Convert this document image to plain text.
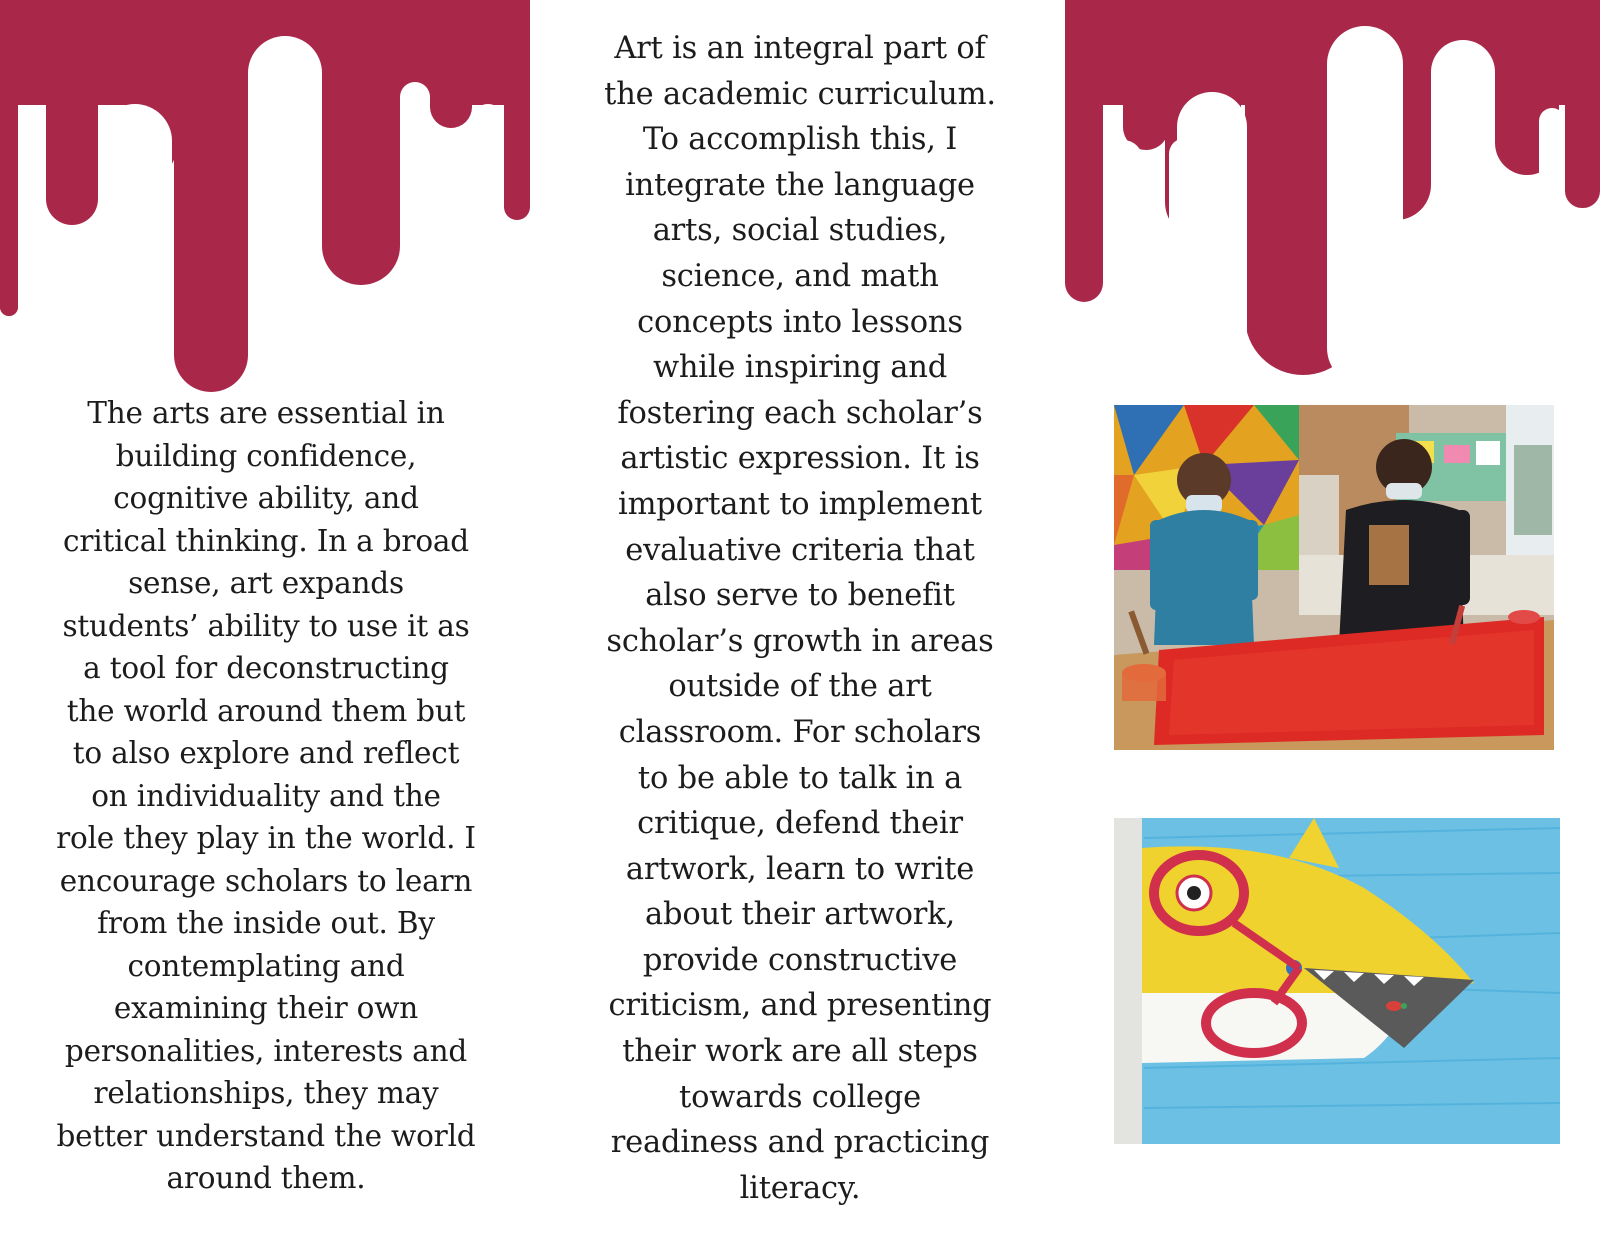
The arts are essential in
building confidence,
cognitive ability, and
critical thinking. In a broad
sense, art expands
students’ ability to use it as
a tool for deconstructing
the world around them but
to also explore and reflect
on individuality and the
role they play in the world. I
encourage scholars to learn
from the inside out. By
contemplating and
examining their own
personalities, interests and
relationships, they may
better understand the world
around them.
Art is an integral part of
the academic curriculum.
To accomplish this, I
integrate the language
arts, social studies,
science, and math
concepts into lessons
while inspiring and
fostering each scholar’s
artistic expression. It is
important to implement
evaluative criteria that
also serve to benefit
scholar’s growth in areas
outside of the art
classroom. For scholars
to be able to talk in a
critique, defend their
artwork, learn to write
about their artwork,
provide constructive
criticism, and presenting
their work are all steps
towards college
readiness and practicing
literacy.
